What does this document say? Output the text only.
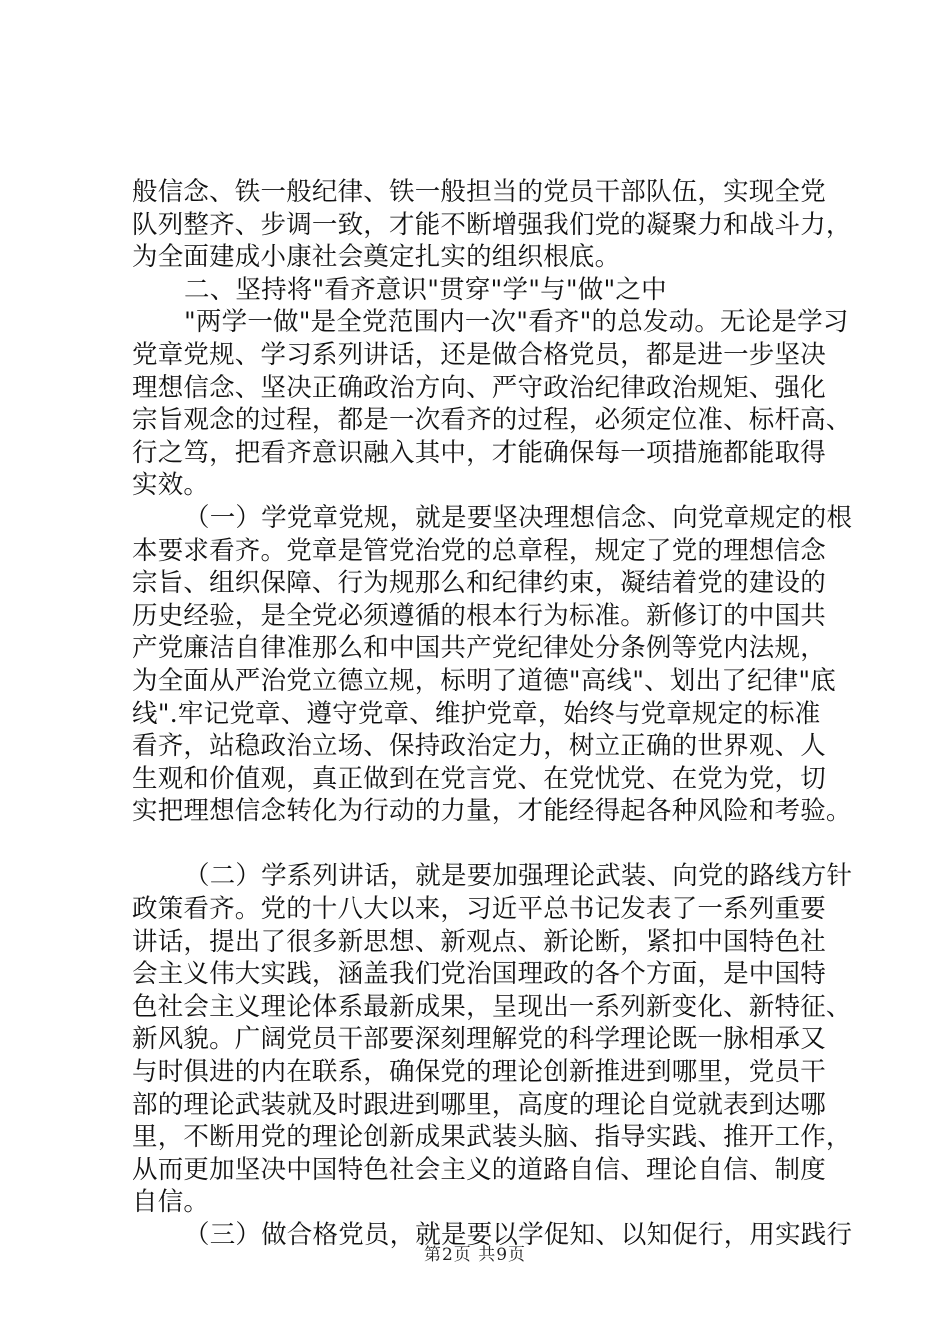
般信念、铁一般纪律、铁一般担当的党员干部队伍，实现全党
队列整齐、步调一致，才能不断增强我们党的凝聚力和战斗力，
为全面建成小康社会奠定扎实的组织根底。
二、坚持将"看齐意识"贯穿"学"与"做"之中
"两学一做"是全党范围内一次"看齐"的总发动。无论是学习
党章党规、学习系列讲话，还是做合格党员，都是进一步坚决
理想信念、坚决正确政治方向、严守政治纪律政治规矩、强化
宗旨观念的过程，都是一次看齐的过程，必须定位准、标杆高、
行之笃，把看齐意识融入其中，才能确保每一项措施都能取得
实效。
（一）学党章党规，就是要坚决理想信念、向党章规定的根
本要求看齐。党章是管党治党的总章程，规定了党的理想信念
宗旨、组织保障、行为规那么和纪律约束，凝结着党的建设的
历史经验，是全党必须遵循的根本行为标准。新修订的中国共
产党廉洁自律准那么和中国共产党纪律处分条例等党内法规，
为全面从严治党立德立规，标明了道德"高线"、划出了纪律"底
线".牢记党章、遵守党章、维护党章，始终与党章规定的标准
看齐，站稳政治立场、保持政治定力，树立正确的世界观、人
生观和价值观，真正做到在党言党、在党忧党、在党为党，切
实把理想信念转化为行动的力量，才能经得起各种风险和考验。
（二）学系列讲话，就是要加强理论武装、向党的路线方针
政策看齐。党的十八大以来，习近平总书记发表了一系列重要
讲话，提出了很多新思想、新观点、新论断，紧扣中国特色社
会主义伟大实践，涵盖我们党治国理政的各个方面，是中国特
色社会主义理论体系最新成果，呈现出一系列新变化、新特征、
新风貌。广阔党员干部要深刻理解党的科学理论既一脉相承又
与时俱进的内在联系，确保党的理论创新推进到哪里，党员干
部的理论武装就及时跟进到哪里，高度的理论自觉就表到达哪
里，不断用党的理论创新成果武装头脑、指导实践、推开工作，
从而更加坚决中国特色社会主义的道路自信、理论自信、制度
自信。
（三）做合格党员，就是要以学促知、以知促行，用实践行
第2页 共9页
